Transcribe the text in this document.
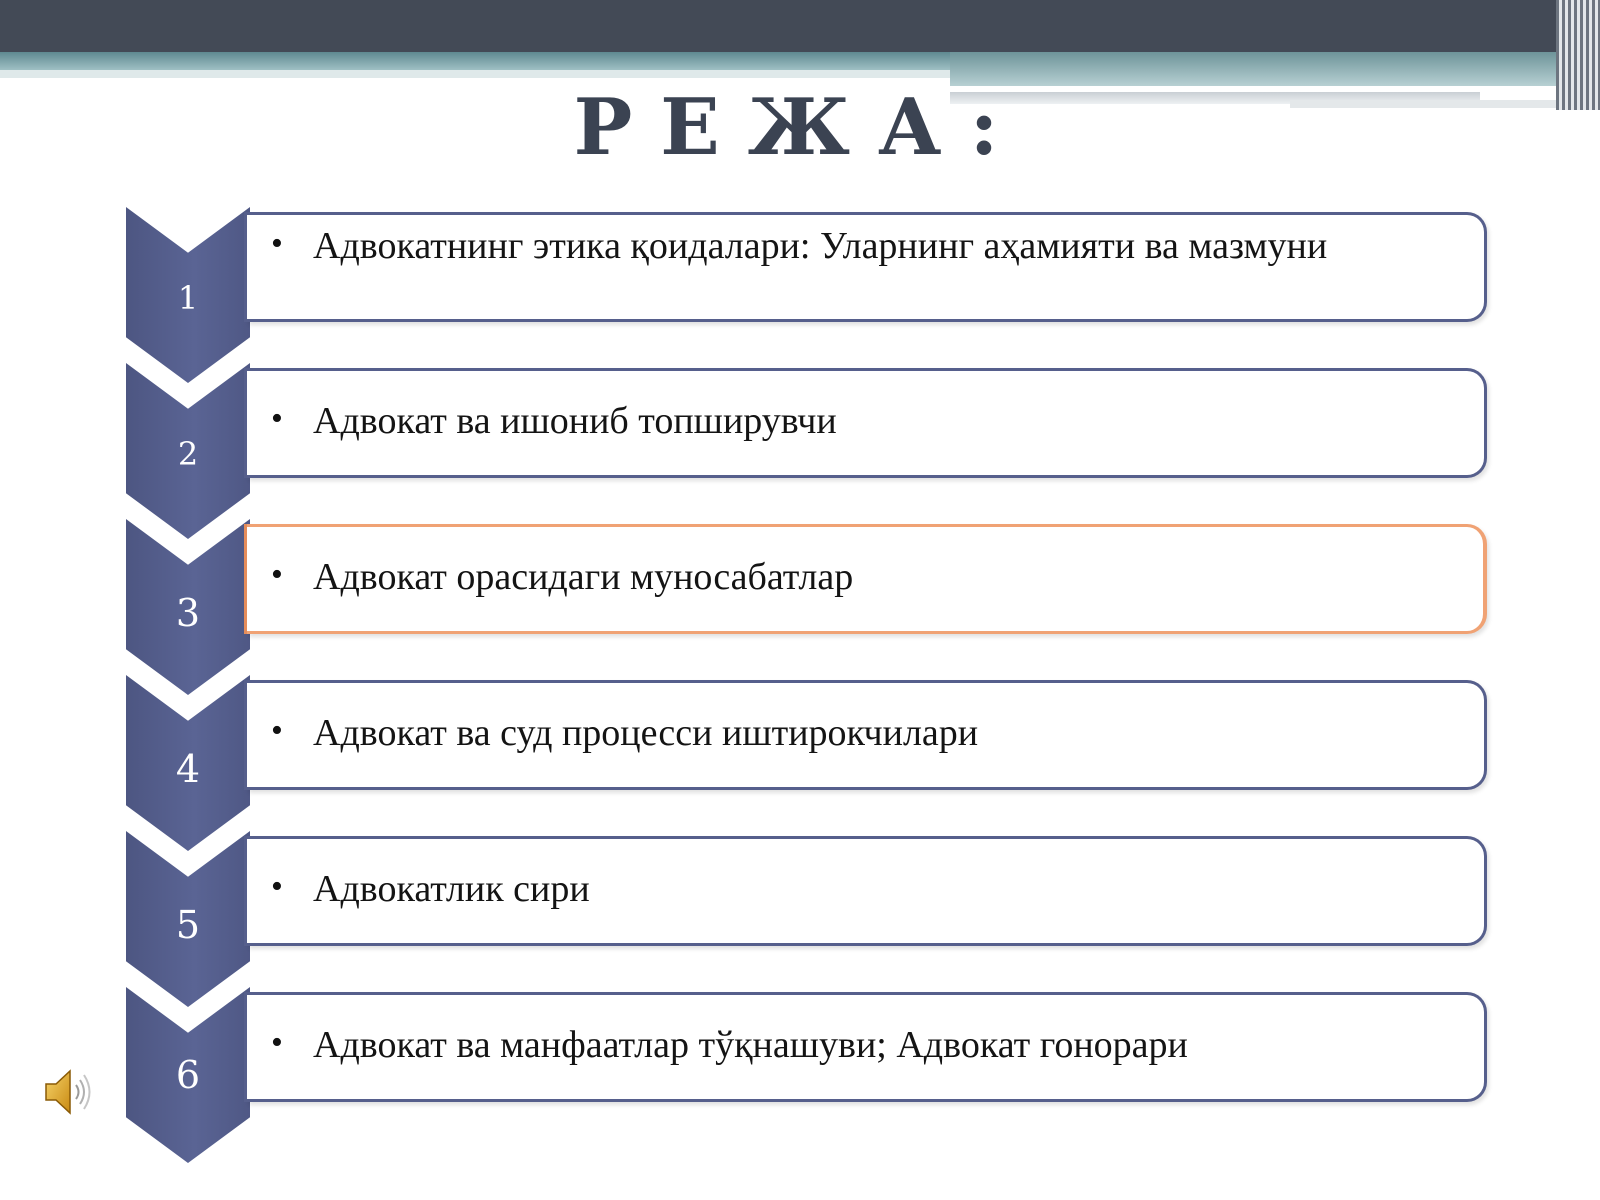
РЕЖА:
1
2
3
4
5
6
• Адвокатнинг этика қоидалари: Уларнинг аҳамияти ва мазмуни
• Адвокат ва ишониб топширувчи
• Адвокат орасидаги муносабатлар
• Адвокат ва суд процесси иштирокчилари
• Адвокатлик сири
• Адвокат ва манфаатлар тўқнашуви; Адвокат гонорари
